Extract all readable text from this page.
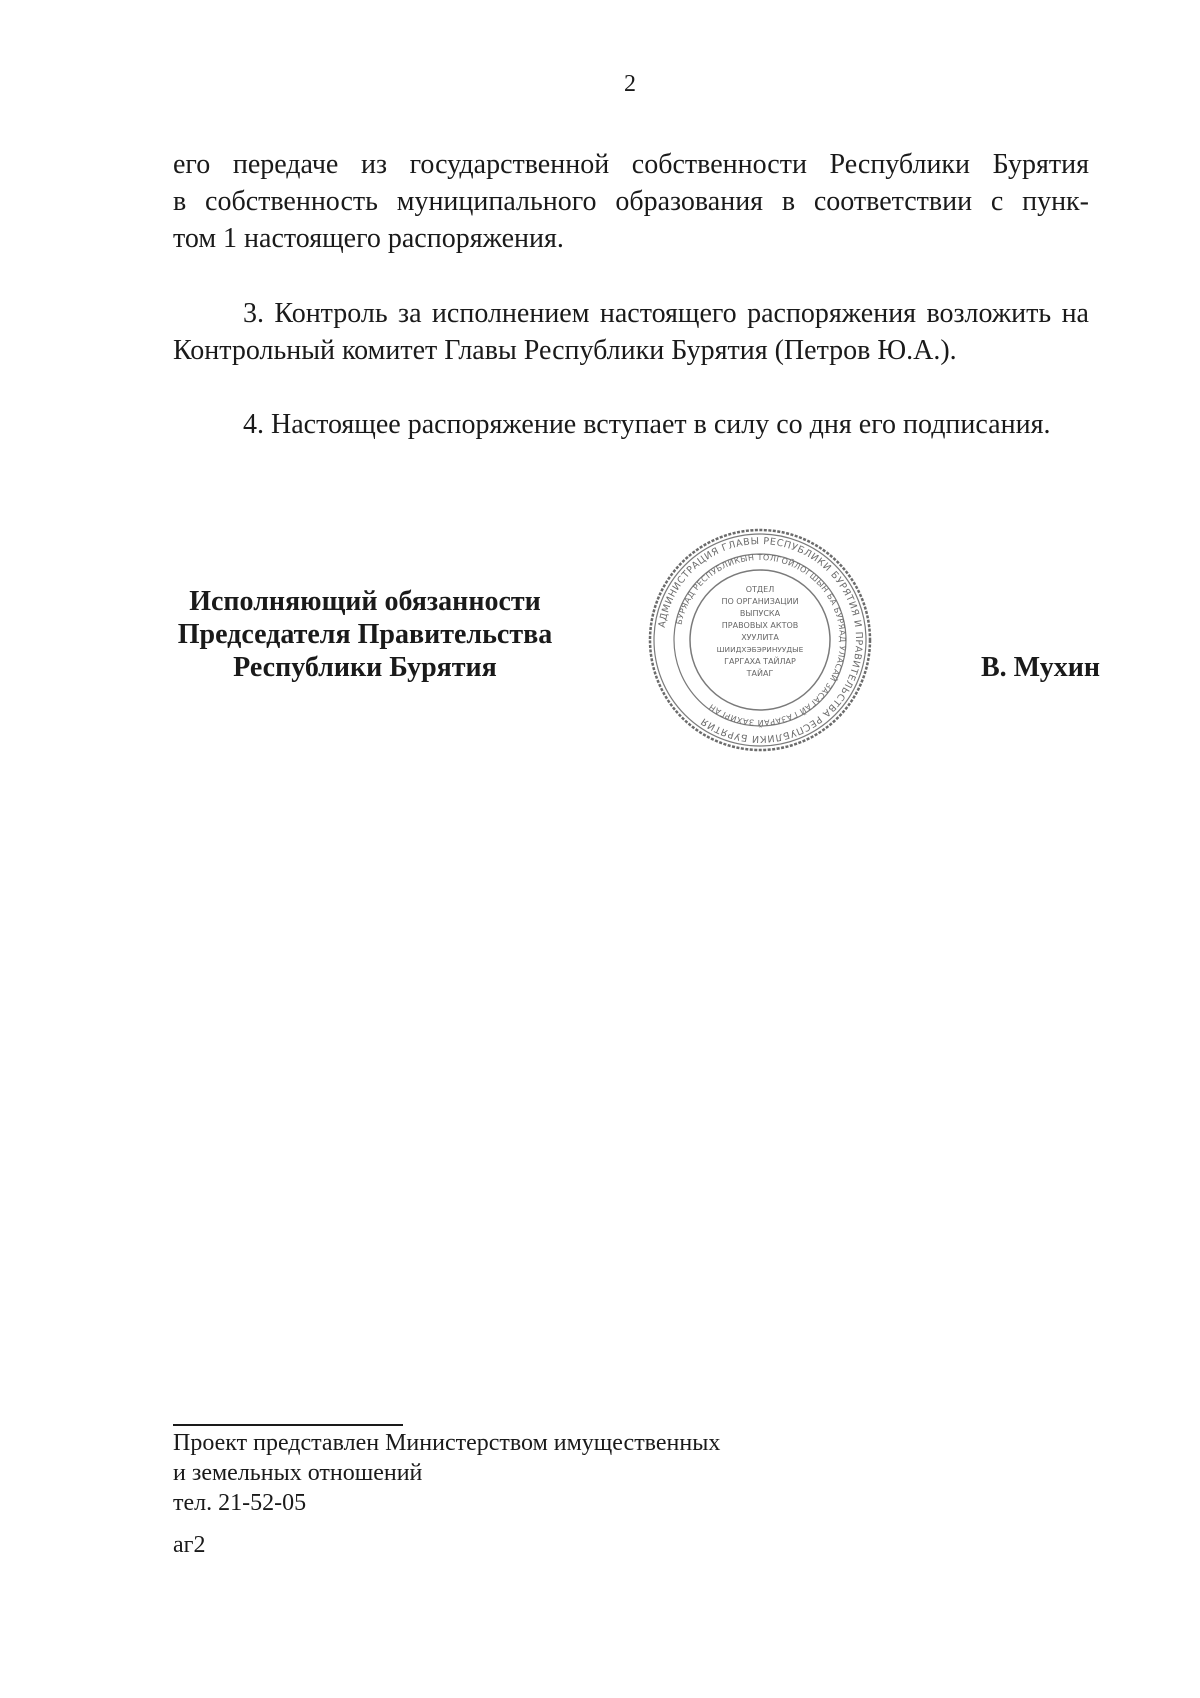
2
его передаче из государственной собственности Республики Бурятия
в собственность муниципального образования в соответствии с пунк-
том 1 настоящего распоряжения.
3. Контроль за исполнением настоящего распоряжения возложить на
Контрольный комитет Главы Республики Бурятия (Петров Ю.А.).
4. Настоящее распоряжение вступает в силу со дня его подписания.
Исполняющий обязанности
Председателя Правительства
Республики Бурятия
АДМИНИСТРАЦИЯ ГЛАВЫ РЕСПУБЛИКИ БУРЯТИЯ И ПРАВИТЕЛЬСТВА РЕСПУБЛИКИ БУРЯТИЯ
БУРЯАД РЕСПУБЛИКЫН ТОЛГОЙЛОГШЫН БА БУРЯАД УЛАСАЙ ЗАСАГАЙ ГАЗАРАЙ ЗАХИРГАН
ОТДЕЛ
ПО ОРГАНИЗАЦИИ
ВЫПУСКА
ПРАВОВЫХ АКТОВ
ХУУЛИТА
ШИИДХЭБЭРИНУУДЫЕ
ГАРГАХА ТАЙЛАР
ТАЙАГ	В. Мухин
Проект представлен Министерством имущественных
и земельных отношений
тел. 21-52-05
аг2
